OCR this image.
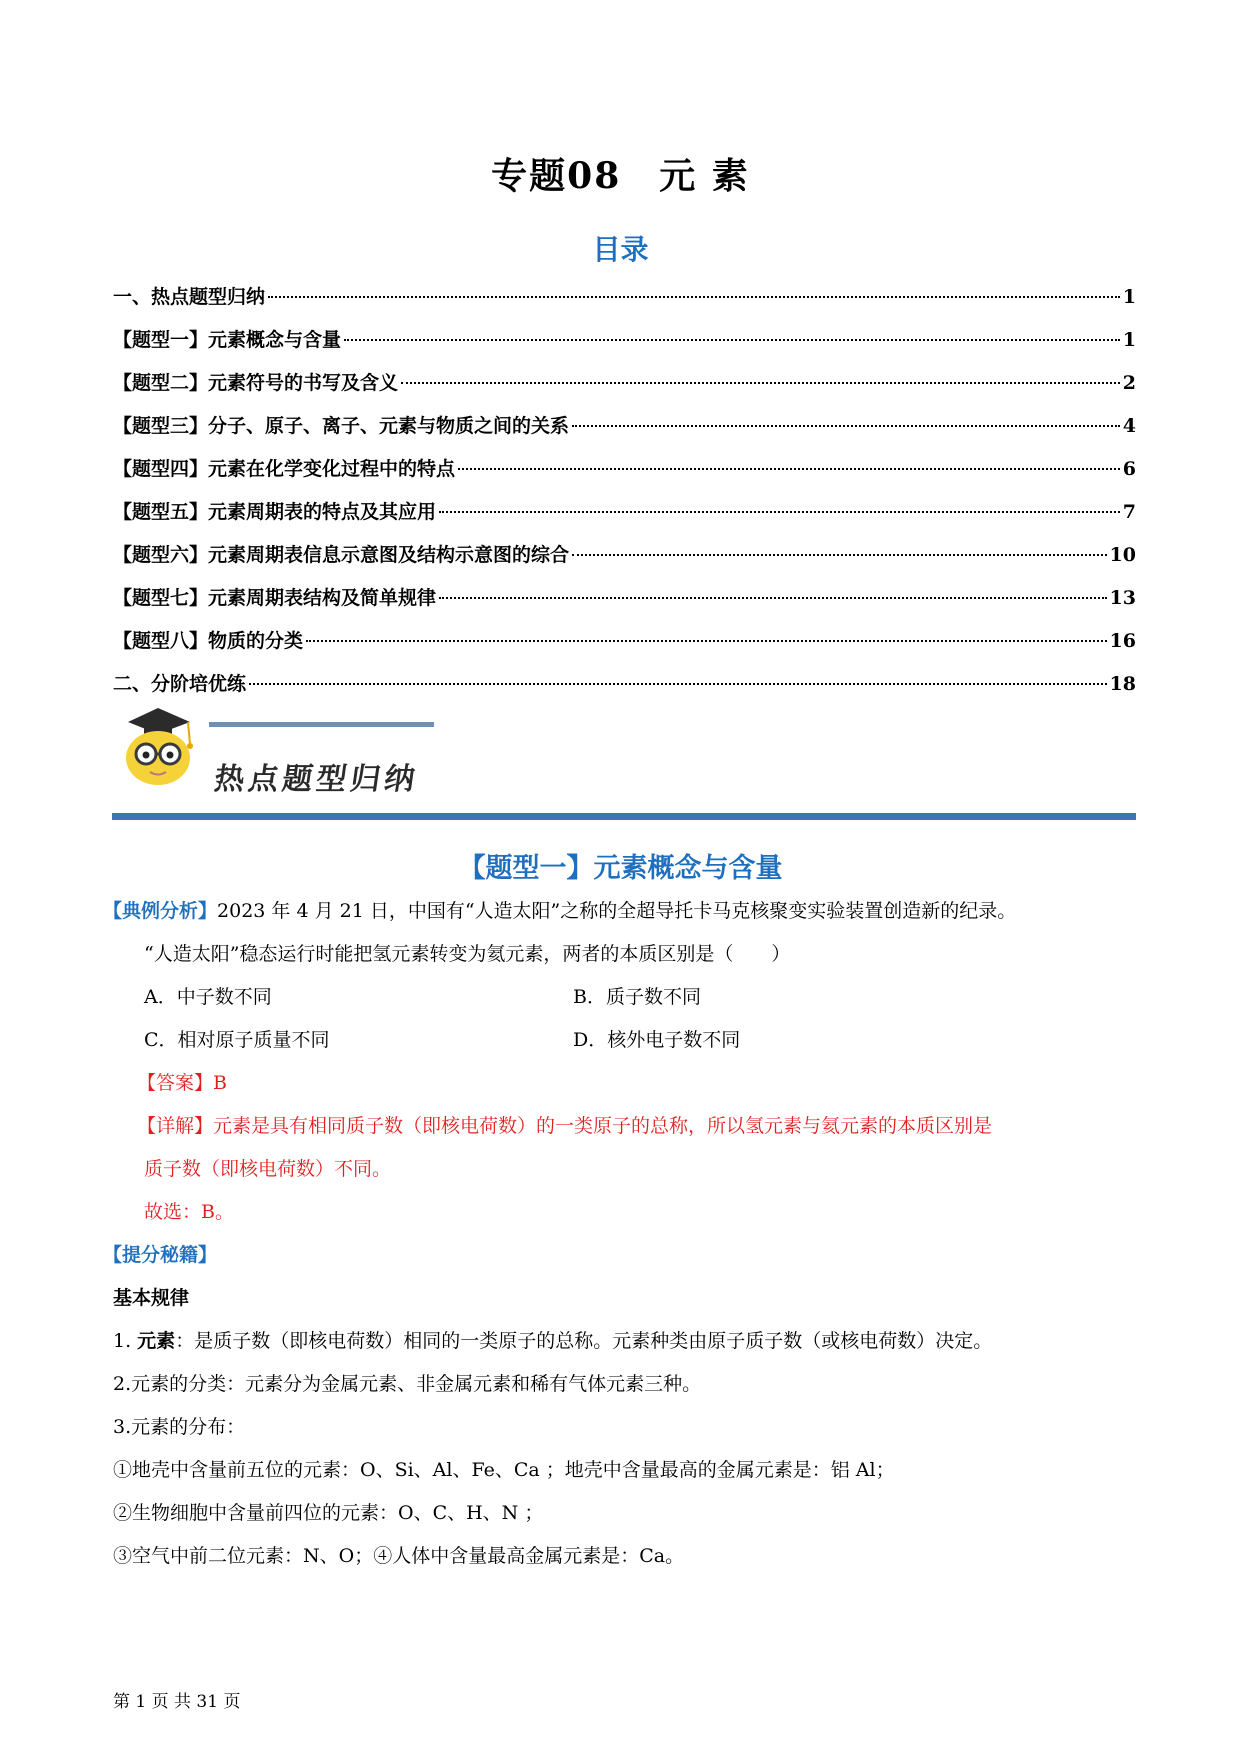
专题08　元 素
目录
一、热点题型归纳	1
【题型一】元素概念与含量	1
【题型二】元素符号的书写及含义	2
【题型三】分子、原子、离子、元素与物质之间的关系	4
【题型四】元素在化学变化过程中的特点	6
【题型五】元素周期表的特点及其应用	7
【题型六】元素周期表信息示意图及结构示意图的综合	10
【题型七】元素周期表结构及简单规律	13
【题型八】物质的分类	16
二、分阶培优练	18
热点题型归纳
【题型一】元素概念与含量
【典例分析】2023 年 4 月 21 日，中国有“人造太阳”之称的全超导托卡马克核聚变实验装置创造新的纪录。
“人造太阳”稳态运行时能把氢元素转变为氦元素，两者的本质区别是（　　）
A．中子数不同	B．质子数不同
C．相对原子质量不同	D．核外电子数不同
【答案】B
【详解】元素是具有相同质子数（即核电荷数）的一类原子的总称，所以氢元素与氦元素的本质区别是
质子数（即核电荷数）不同。
故选：B。
【提分秘籍】
基本规律
1. 元素：是质子数（即核电荷数）相同的一类原子的总称。元素种类由原子质子数（或核电荷数）决定。
2.元素的分类：元素分为金属元素、非金属元素和稀有气体元素三种。
3.元素的分布：
①地壳中含量前五位的元素：O、Si、Al、Fe、Ca ；地壳中含量最高的金属元素是：铝 Al；
②生物细胞中含量前四位的元素：O、C、H、N ；
③空气中前二位元素：N、O；④人体中含量最高金属元素是：Ca。
第 1 页 共 31 页
